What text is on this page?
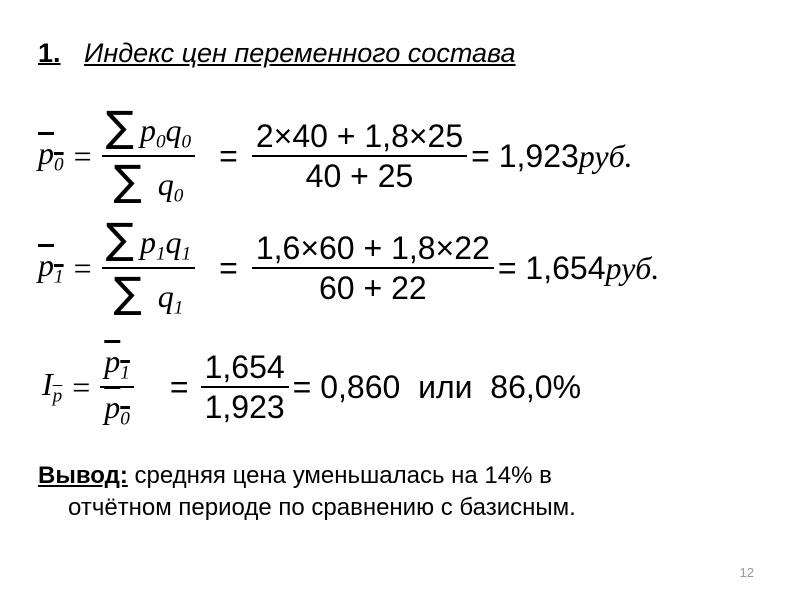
1. Индекс цен переменного состава
$p_0 = \frac{\sum p_0q_0}{\sum q_0} = \frac{2\times 40 + 1,8\times 25}{40 + 25} = 1,923$ руб.
$p_1 = \frac{\sum p_1q_1}{\sum q_1} = \frac{1,6\times 60 + 1,8\times 22}{60 + 22} = 1,654$ руб.
$I_{\overline{p}} = \frac{p_1}{p_0} = \frac{1,654}{1,923} = 0,860$  или  86,0%
Вывод: средняя цена уменьшалась на 14% в
отчётном периоде по сравнению с базисным.
12
